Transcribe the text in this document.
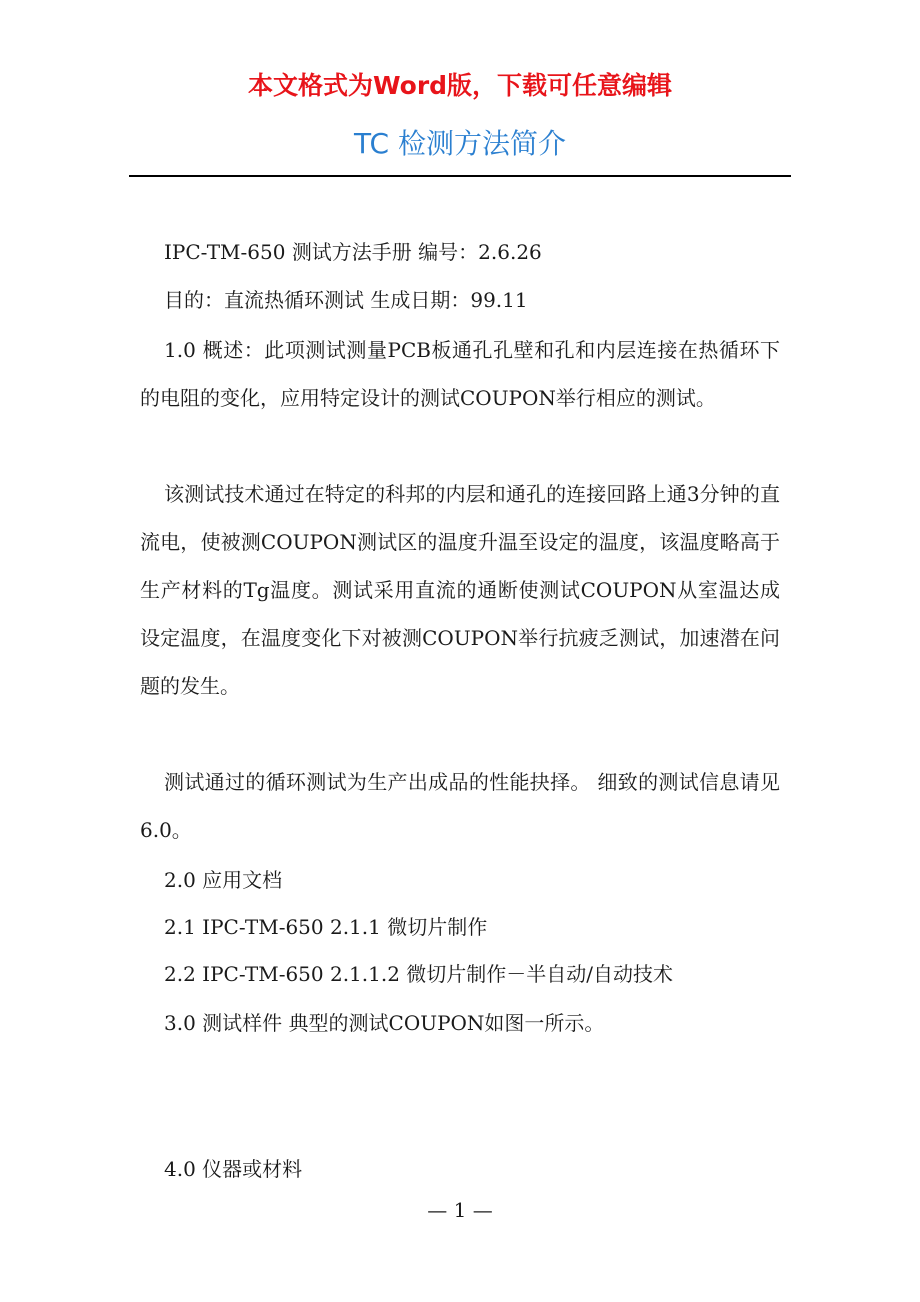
本文格式为Word版，下载可任意编辑
TC 检测方法简介
IPC-TM-650 测试方法手册 编号：2.6.26
目的：直流热循环测试 生成日期：99.11

1.0 概述：此项测试测量PCB板通孔孔壁和孔和内层连接在热循环下的电阻的变化，应用特定设计的测试COUPON举行相应的测试。

该测试技术通过在特定的科邦的内层和通孔的连接回路上通3分钟的直流电，使被测COUPON测试区的温度升温至设定的温度，该温度略高于生产材料的Tg温度。测试采用直流的通断使测试COUPON从室温达成设定温度，在温度变化下对被测COUPON举行抗疲乏测试，加速潜在问题的发生。

测试通过的循环测试为生产出成品的性能抉择。 细致的测试信息请见6.0。

2.0 应用文档
2.1 IPC-TM-650 2.1.1 微切片制作
2.2 IPC-TM-650 2.1.1.2 微切片制作－半自动/自动技术
3.0 测试样件 典型的测试COUPON如图一所示。
4.0 仪器或材料
— 1 —
